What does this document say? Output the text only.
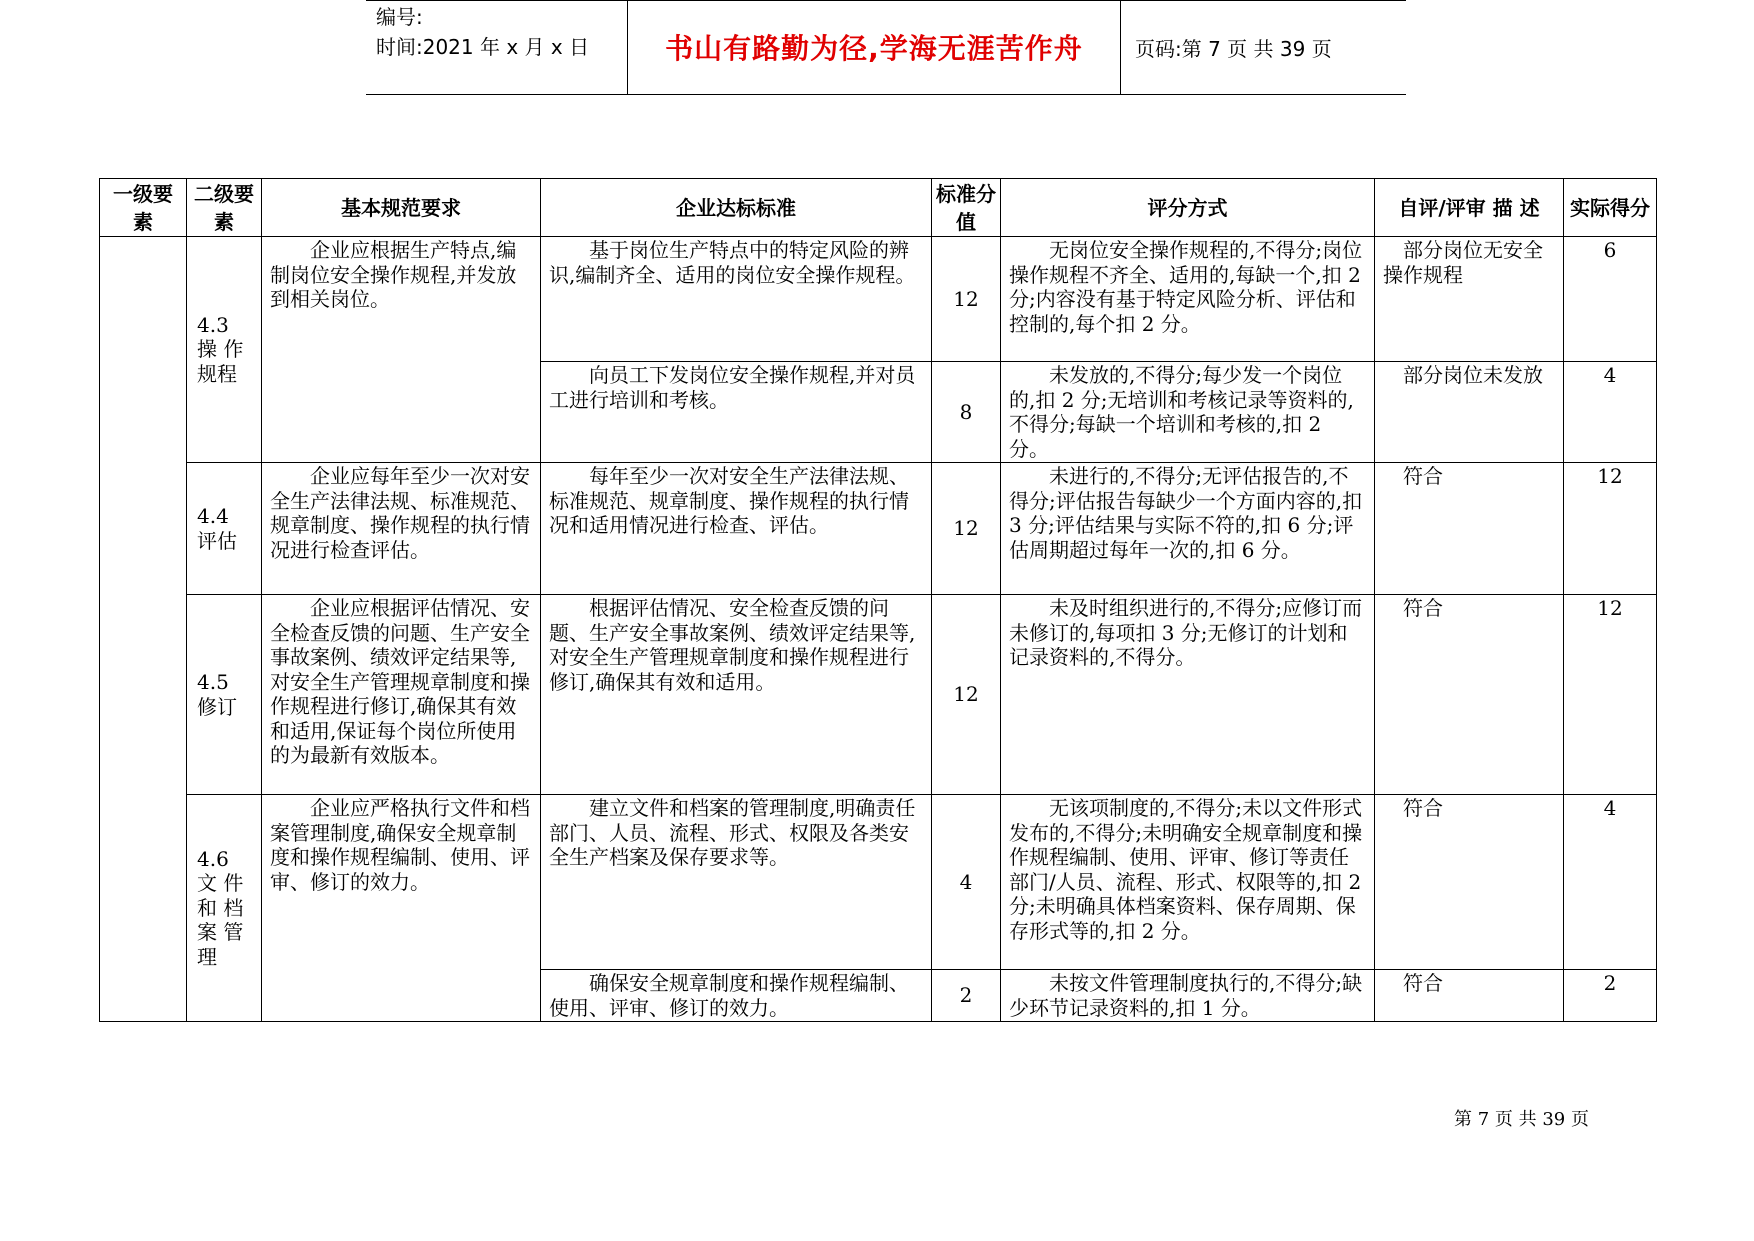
编号:
时间:2021 年 x 月 x 日	书山有路勤为径,学海无涯苦作舟	页码:第 7 页 共 39 页
一级要素	二级要素	基本规范要求	企业达标标准	标准分值	评分方式	自评/评审 描 述	实际得分
	4.3 操 作 规程	企业应根据生产特点,编制岗位安全操作规程,并发放到相关岗位。	基于岗位生产特点中的特定风险的辨识,编制齐全、适用的岗位安全操作规程。	12	无岗位安全操作规程的,不得分;岗位操作规程不齐全、适用的,每缺一个,扣 2 分;内容没有基于特定风险分析、评估和控制的,每个扣 2 分。	部分岗位无安全操作规程	6
			向员工下发岗位安全操作规程,并对员工进行培训和考核。	8	未发放的,不得分;每少发一个岗位的,扣 2 分;无培训和考核记录等资料的,不得分;每缺一个培训和考核的,扣 2 分。	部分岗位未发放	4
	4.4 评估	企业应每年至少一次对安全生产法律法规、标准规范、规章制度、操作规程的执行情况进行检查评估。	每年至少一次对安全生产法律法规、标准规范、规章制度、操作规程的执行情况和适用情况进行检查、评估。	12	未进行的,不得分;无评估报告的,不得分;评估报告每缺少一个方面内容的,扣 3 分;评估结果与实际不符的,扣 6 分;评估周期超过每年一次的,扣 6 分。	符合	12
	4.5 修订	企业应根据评估情况、安全检查反馈的问题、生产安全事故案例、绩效评定结果等,对安全生产管理规章制度和操作规程进行修订,确保其有效和适用,保证每个岗位所使用的为最新有效版本。	根据评估情况、安全检查反馈的问题、生产安全事故案例、绩效评定结果等,对安全生产管理规章制度和操作规程进行修订,确保其有效和适用。	12	未及时组织进行的,不得分;应修订而未修订的,每项扣 3 分;无修订的计划和记录资料的,不得分。	符合	12
	4.6 文 件 和 档 案 管 理	企业应严格执行文件和档案管理制度,确保安全规章制度和操作规程编制、使用、评审、修订的效力。	建立文件和档案的管理制度,明确责任部门、人员、流程、形式、权限及各类安全生产档案及保存要求等。	4	无该项制度的,不得分;未以文件形式发布的,不得分;未明确安全规章制度和操作规程编制、使用、评审、修订等责任部门/人员、流程、形式、权限等的,扣 2 分;未明确具体档案资料、保存周期、保存形式等的,扣 2 分。	符合	4
			确保安全规章制度和操作规程编制、使用、评审、修订的效力。	2	未按文件管理制度执行的,不得分;缺少环节记录资料的,扣 1 分。	符合	2
第 7 页 共 39 页
